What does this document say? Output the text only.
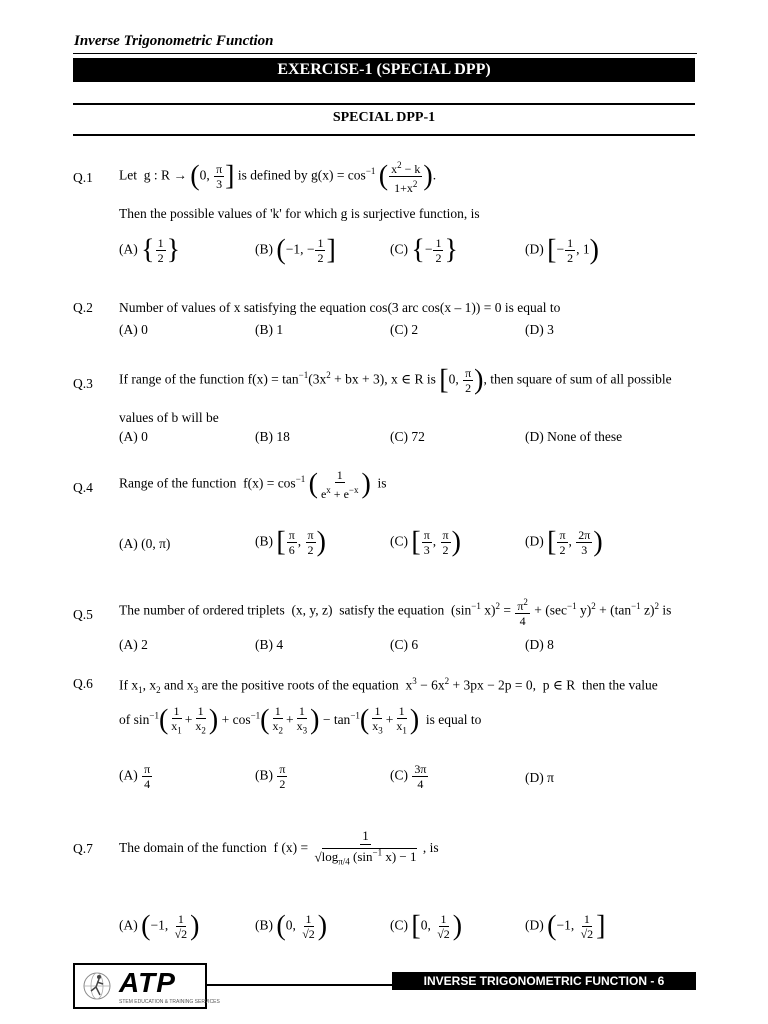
Inverse Trigonometric Function
EXERCISE-1 (SPECIAL DPP)
SPECIAL DPP-1
Q.1 Let  g : R → (0, $\frac{\pi}{3}$ ] is defined by $g(x) = \cos^{-1}$ ( $\frac{x^2 - k}{1+x^2}$ ).
Then the possible values of 'k' for which g is surjective function, is
(A) { $\frac{1}{2}$ }	(B) (−1, − $\frac{1}{2}$ ]	(C) {− $\frac{1}{2}$ }	(D) [− $\frac{1}{2}$ , 1)
Q.2 Number of values of x satisfying the equation cos(3 arc cos(x – 1)) = 0 is equal to
(A) 0	(B) 1	(C) 2	(D) 3
Q.3 If range of the function $f(x) = \tan^{-1}(3x^2$ + bx + 3), x ∈ R is [0, $\frac{\pi}{2}$ ), then square of sum of all possible
values of b will be
(A) 0	(B) 18	(C) 72	(D) None of these
Q.4 Range of the function  $f(x) = \cos^{-1}$ ( $\frac{1}{e^x + e^{-x}}$ )  is
(A) (0, π)	(B) [ $\frac{\pi}{6}$ , $\frac{\pi}{2}$ )	(C) [ $\frac{\pi}{3}$ , $\frac{\pi}{2}$ )	(D) [ $\frac{\pi}{2}$ , $\frac{2\pi}{3}$ )
Q.5 The number of ordered triplets  (x, y, z)  satisfy the equation  ($\sin^{-1}$ $x)^2 = \frac{\pi^2}{4} + (\sec^{-1}$ $y)^2 + (\tan^{-1}$ z)$^2$ is
(A) 2	(B) 4	(C) 6	(D) 8
Q.6 If $x_1$, $x_2$ and $x_3$ are the positive roots of the equation  $x^3 - 6x^2 + 3px - 2p = 0$,  p ∈ R  then the value
of $\sin^{-1}( \frac{1}{x_1} + \frac{1}{x_2}$ ) + $\cos^{-1}( \frac{1}{x_2} + \frac{1}{x_3}$ ) − $\tan^{-1}( \frac{1}{x_3} + \frac{1}{x_1}$ )  is equal to
$(A) \frac{\pi}{4}$	$(B) \frac{\pi}{2}$	$(C) \frac{3\pi}{4}$	(D) π
Q.7 The domain of the function  f $(x) = \frac{1}{√\log_{\pi/4} (\sin^{-1} x) - 1}$ , is
(A) (−1, $\frac{1}{√2}$ )	(B) (0, $\frac{1}{√2}$ )	(C) [0, $\frac{1}{√2}$ )	(D) (−1, $\frac{1}{√2}$ ]
ATP
STEM EDUCATION & TRAINING SERVICES
INVERSE TRIGONOMETRIC FUNCTION - 6
